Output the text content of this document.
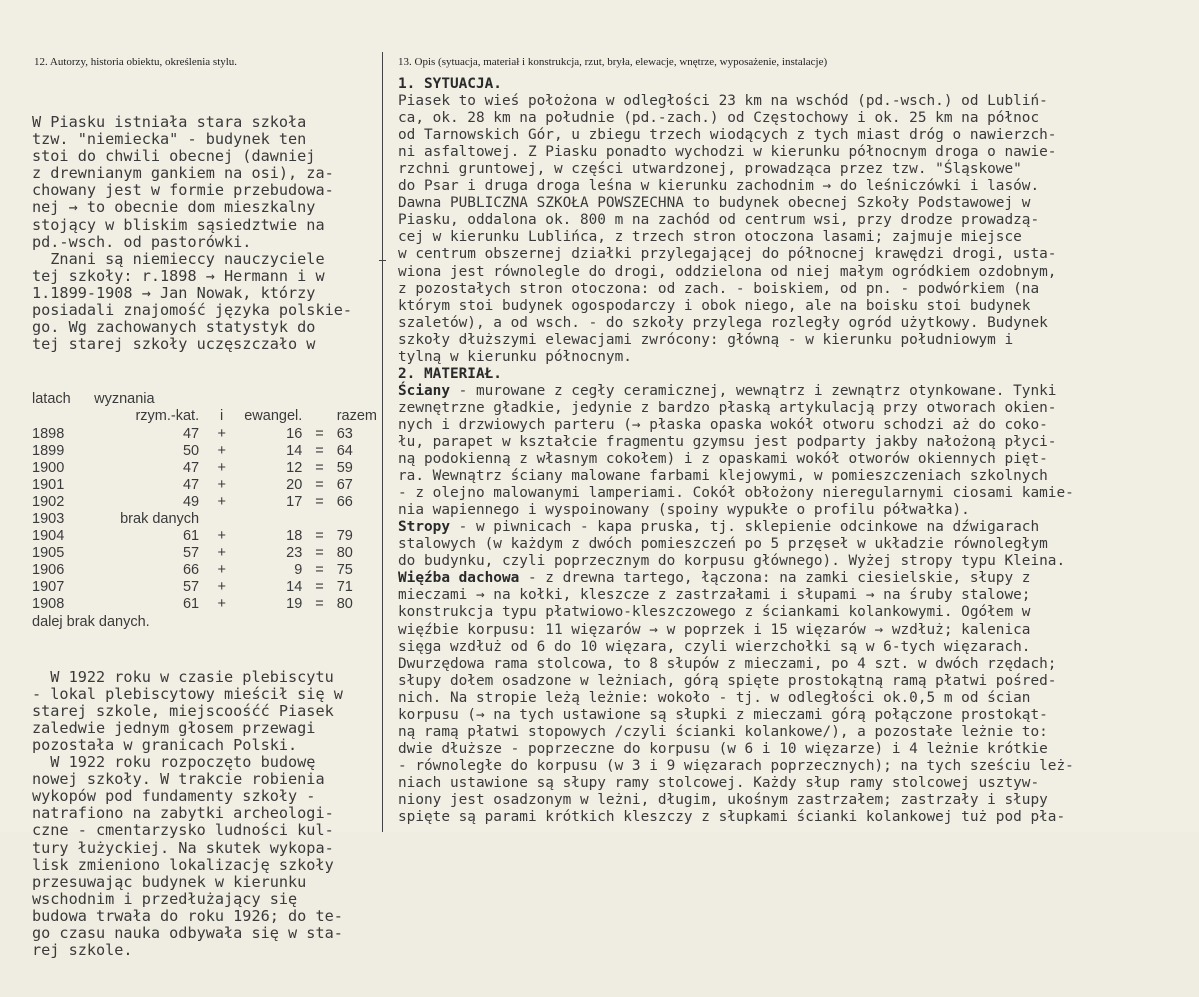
12. Autorzy, historia obiektu, określenia stylu.	13. Opis (sytuacja, materiał i konstrukcja, rzut, bryła, elewacje, wnętrze, wyposażenie, instalacje)

W Piasku istniała stara szkoła
tzw. "niemiecka" - budynek ten
stoi do chwili obecnej (dawniej
z drewnianym gankiem na osi), za-
chowany jest w formie przebudowa-
nej → to obecnie dom mieszkalny
stojący w bliskim sąsiedztwie na
pd.-wsch. od pastorówki.
Znani są niemieccy nauczyciele
tej szkoły: r.1898 → Hermann i w
1.1899-1908 → Jan Nowak, którzy
posiadali znajomość języka polskie-
go. Wg zachowanych statystyk do
tej starej szkoły uczęszczało w

latach	wyznania				
	rzym.-kat.	i	ewangel.		razem
1898	47	+	16	=	63
1899	50	+	14	=	64
1900	47	+	12	=	59
1901	47	+	20	=	67
1902	49	+	17	=	66
1903	brak danych				
1904	61	+	18	=	79
1905	57	+	23	=	80
1906	66	+	9	=	75
1907	57	+	14	=	71
1908	61	+	19	=	80
dalej brak danych.					

W 1922 roku w czasie plebiscytu
- lokal plebiscytowy mieścił się w
starej szkole, miejscoośćć Piasek
zaledwie jednym głosem przewagi
pozostała w granicach Polski.
W 1922 roku rozpoczęto budowę
nowej szkoły. W trakcie robienia
wykopów pod fundamenty szkoły -
natrafiono na zabytki archeologi-
czne - cmentarzysko ludności kul-
tury łużyckiej. Na skutek wykopa-
lisk zmieniono lokalizację szkoły
przesuwając budynek w kierunku
wschodnim i przedłużający się
budowa trwała do roku 1926; do te-
go czasu nauka odbywała się w sta-
rej szkole.

1. SYTUACJA.
Piasek to wieś położona w odległości 23 km na wschód (pd.-wsch.) od Lubliń-
ca, ok. 28 km na południe (pd.-zach.) od Częstochowy i ok. 25 km na północ
od Tarnowskich Gór, u zbiegu trzech wiodących z tych miast dróg o nawierzch-
ni asfaltowej. Z Piasku ponadto wychodzi w kierunku północnym droga o nawie-
rzchni gruntowej, w części utwardzonej, prowadząca przez tzw. "Śląskowe"
do Psar i druga droga leśna w kierunku zachodnim → do leśniczówki i lasów.
Dawna PUBLICZNA SZKOŁA POWSZECHNA to budynek obecnej Szkoły Podstawowej w
Piasku, oddalona ok. 800 m na zachód od centrum wsi, przy drodze prowadzą-
cej w kierunku Lublińca, z trzech stron otoczona lasami; zajmuje miejsce
w centrum obszernej działki przylegającej do północnej krawędzi drogi, usta-
wiona jest równolegle do drogi, oddzielona od niej małym ogródkiem ozdobnym,
z pozostałych stron otoczona: od zach. - boiskiem, od pn. - podwórkiem (na
którym stoi budynek ogospodarczy i obok niego, ale na boisku stoi budynek
szaletów), a od wsch. - do szkoły przylega rozległy ogród użytkowy. Budynek
szkoły dłuższymi elewacjami zwrócony: główną - w kierunku południowym i
tylną w kierunku północnym.
2. MATERIAŁ.
Ściany - murowane z cegły ceramicznej, wewnątrz i zewnątrz otynkowane. Tynki
zewnętrzne gładkie, jedynie z bardzo płaską artykulacją przy otworach okien-
nych i drzwiowych parteru (→ płaska opaska wokół otworu schodzi aż do coko-
łu, parapet w kształcie fragmentu gzymsu jest podparty jakby nałożoną płyci-
ną podokienną z własnym cokołem) i z opaskami wokół otworów okiennych pięt-
ra. Wewnątrz ściany malowane farbami klejowymi, w pomieszczeniach szkolnych
- z olejno malowanymi lamperiami. Cokół obłożony nieregularnymi ciosami kamie-
nia wapiennego i wyspoinowany (spoiny wypukłe o profilu półwałka).
Stropy - w piwnicach - kapa pruska, tj. sklepienie odcinkowe na dźwigarach
stalowych (w każdym z dwóch pomieszczeń po 5 przęseł w układzie równoległym
do budynku, czyli poprzecznym do korpusu głównego). Wyżej stropy typu Kleina.
Więźba dachowa - z drewna tartego, łączona: na zamki ciesielskie, słupy z
mieczami → na kołki, kleszcze z zastrzałami i słupami → na śruby stalowe;
konstrukcja typu płatwiowo-kleszczowego z ściankami kolankowymi. Ogółem w
więźbie korpusu: 11 więzarów → w poprzek i 15 więzarów → wzdłuż; kalenica
sięga wzdłuż od 6 do 10 więzara, czyli wierzchołki są w 6-tych więzarach.
Dwurzędowa rama stolcowa, to 8 słupów z mieczami, po 4 szt. w dwóch rzędach;
słupy dołem osadzone w leżniach, górą spięte prostokątną ramą płatwi pośred-
nich. Na stropie leżą leżnie: wokoło - tj. w odległości ok.0,5 m od ścian
korpusu (→ na tych ustawione są słupki z mieczami górą połączone prostokąt-
ną ramą płatwi stopowych /czyli ścianki kolankowe/), a pozostałe leżnie to:
dwie dłuższe - poprzeczne do korpusu (w 6 i 10 więzarze) i 4 leżnie krótkie
- równoległe do korpusu (w 3 i 9 więzarach poprzecznych); na tych sześciu leż-
niach ustawione są słupy ramy stolcowej. Każdy słup ramy stolcowej usztyw-
niony jest osadzonym w leżni, długim, ukośnym zastrzałem; zastrzały i słupy
spięte są parami krótkich kleszczy z słupkami ścianki kolankowej tuż pod pła-
